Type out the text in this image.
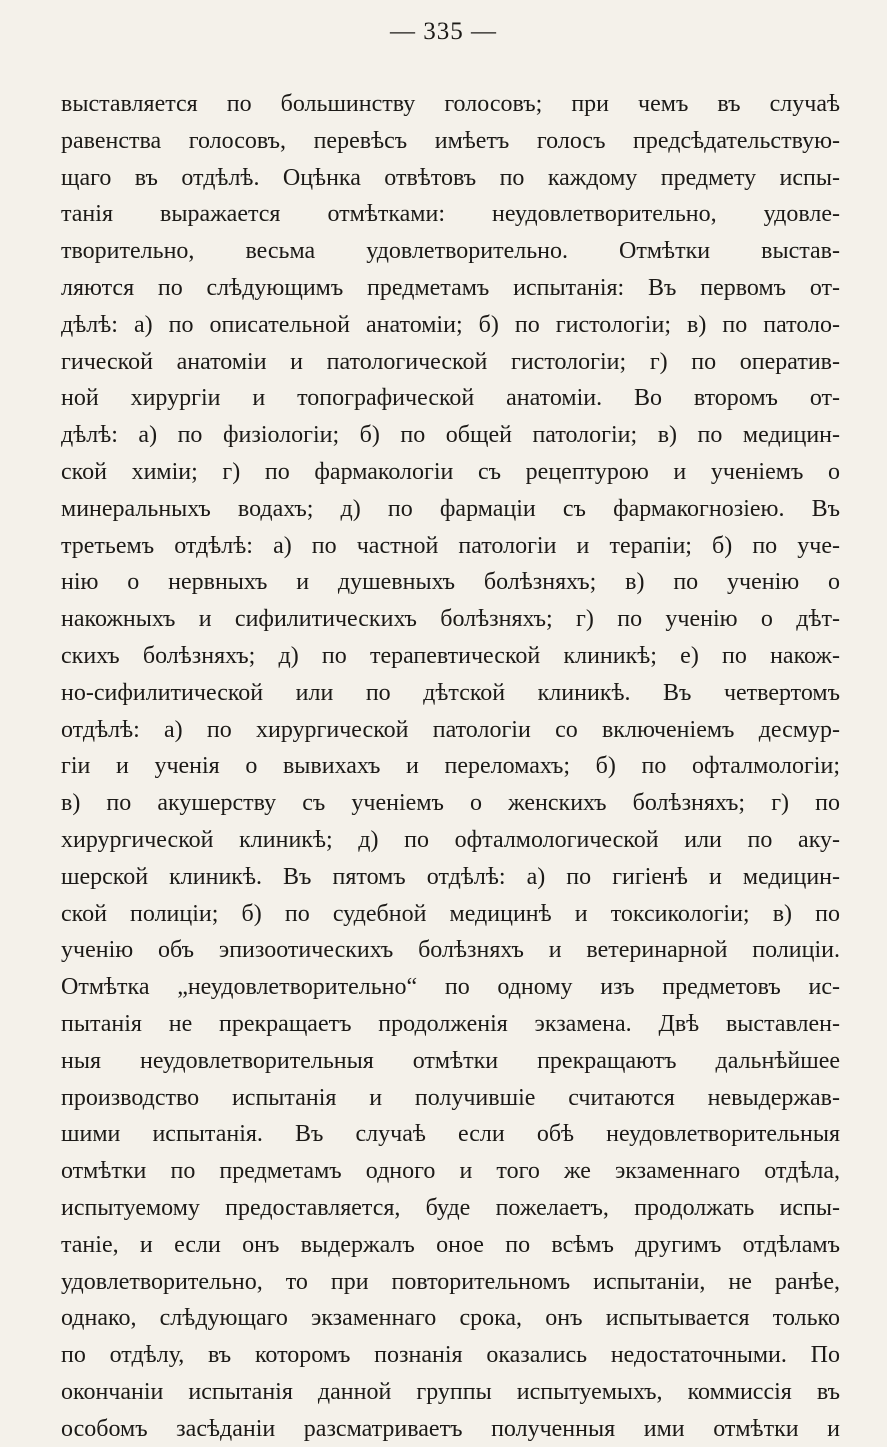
— 335 —
выставляется по большинству голосовъ; при чемъ въ случаѣ
равенства голосовъ, перевѣсъ имѣетъ голосъ предсѣдательствую-
щаго въ отдѣлѣ. Оцѣнка отвѣтовъ по каждому предмету испы-
танія выражается отмѣтками: неудовлетворительно, удовле-
творительно, весьма удовлетворительно. Отмѣтки выстав-
ляются по слѣдующимъ предметамъ испытанія: Въ первомъ от-
дѣлѣ: а) по описательной анатоміи; б) по гистологіи; в) по патоло-
гической анатоміи и патологической гистологіи; г) по оператив-
ной хирургіи и топографической анатоміи. Во второмъ от-
дѣлѣ: а) по физіологіи; б) по общей патологіи; в) по медицин-
ской химіи; г) по фармакологіи съ рецептурою и ученіемъ о
минеральныхъ водахъ; д) по фармаціи съ фармакогнозіею. Въ
третьемъ отдѣлѣ: а) по частной патологіи и терапіи; б) по уче-
нію о нервныхъ и душевныхъ болѣзняхъ; в) по ученію о
накожныхъ и сифилитическихъ болѣзняхъ; г) по ученію о дѣт-
скихъ болѣзняхъ; д) по терапевтической клиникѣ; е) по накож-
но-сифилитической или по дѣтской клиникѣ. Въ четвертомъ
отдѣлѣ: а) по хирургической патологіи со включеніемъ десмур-
гіи и ученія о вывихахъ и переломахъ; б) по офталмологіи;
в) по акушерству съ ученіемъ о женскихъ болѣзняхъ; г) по
хирургической клиникѣ; д) по офталмологической или по аку-
шерской клиникѣ. Въ пятомъ отдѣлѣ: а) по гигіенѣ и медицин-
ской полиціи; б) по судебной медицинѣ и токсикологіи; в) по
ученію объ эпизоотическихъ болѣзняхъ и ветеринарной полиціи.
Отмѣтка „неудовлетворительно“ по одному изъ предметовъ ис-
пытанія не прекращаетъ продолженія экзамена. Двѣ выставлен-
ныя неудовлетворительныя отмѣтки прекращаютъ дальнѣйшее
производство испытанія и получившіе считаются невыдержав-
шими испытанія. Въ случаѣ если обѣ неудовлетворительныя
отмѣтки по предметамъ одного и того же экзаменнаго отдѣла,
испытуемому предоставляется, буде пожелаетъ, продолжать испы-
таніе, и если онъ выдержалъ оное по всѣмъ другимъ отдѣламъ
удовлетворительно, то при повторительномъ испытаніи, не ранѣе,
однако, слѣдующаго экзаменнаго срока, онъ испытывается только
по отдѣлу, въ которомъ познанія оказались недостаточными. По
окончаніи испытанія данной группы испытуемыхъ, коммиссія въ
особомъ засѣданіи разсматриваетъ полученныя ими отмѣтки и
